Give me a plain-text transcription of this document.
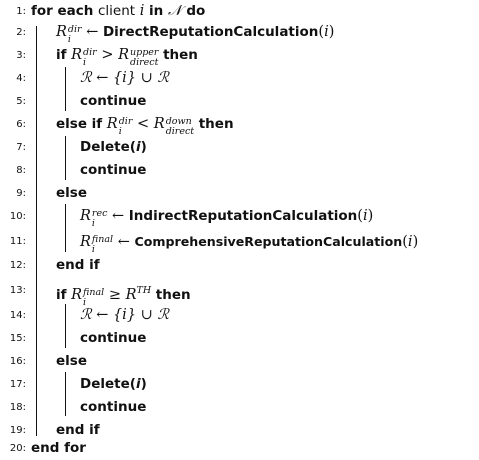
1: for each client i in 𝒩 do
2: R dir
i	← DirectReputationCalculation(i)
3: if R dir
i	> R upper
direct then
4:	ℛ ← {i} ∪ ℛ
5:	continue
6: else if R dir
i	< R down
direct then
7:	Delete(i)
8:	continue
9: else
10:	R rec
i	← IndirectReputationCalculation(i)
11:	R final
i	← ComprehensiveReputationCalculation(i)
12: end if
13: if R final
i	≥ $R^{TH}$ then
14:	ℛ ← {i} ∪ ℛ
15:	continue
16: else
17:	Delete(i)
18:	continue
19: end if
20: end for
